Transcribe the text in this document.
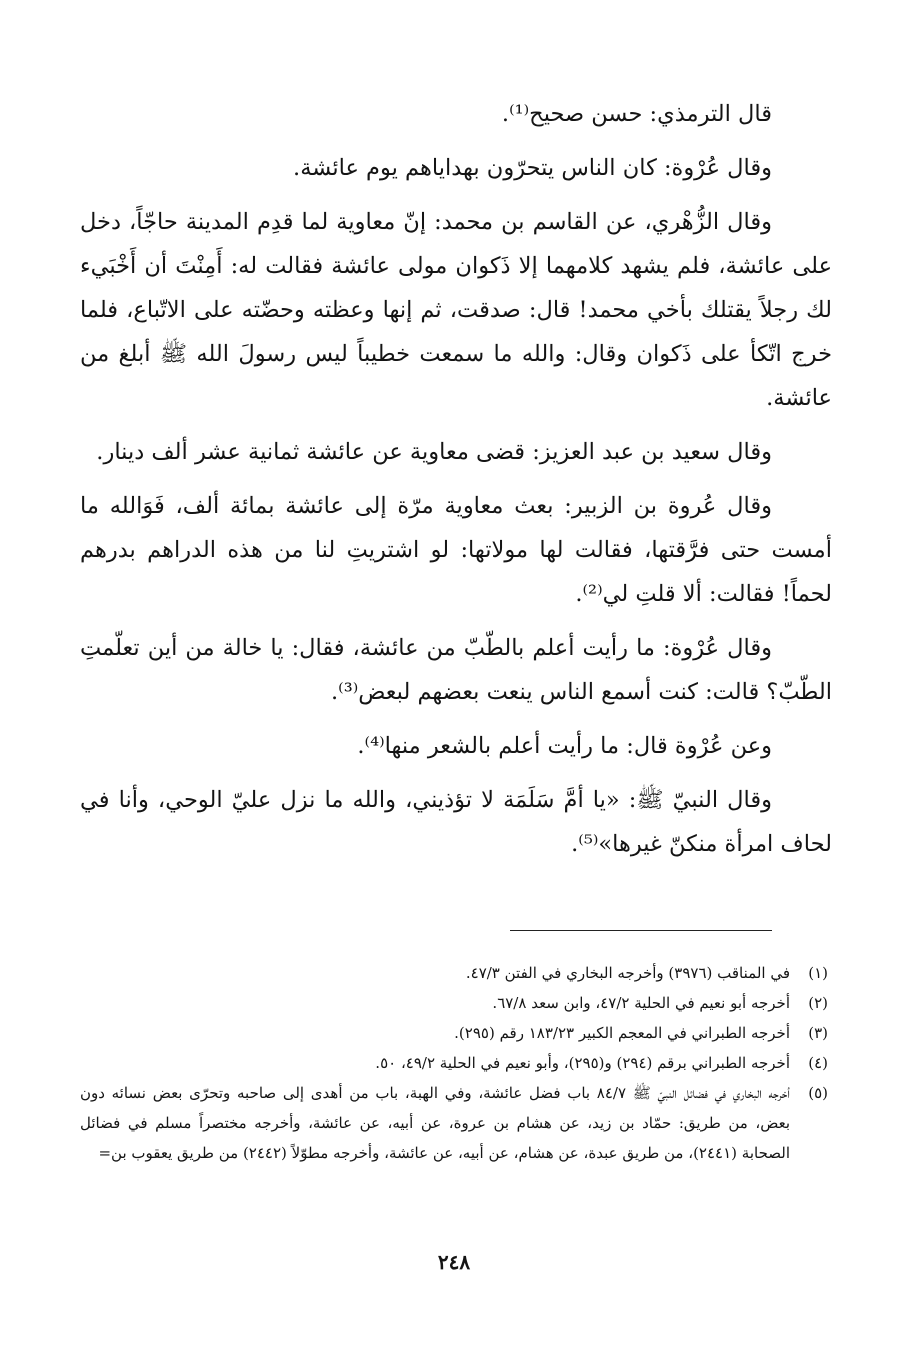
قال الترمذي: حسن صحيح⁽¹⁾.

وقال عُرْوة: كان الناس يتحرّون بهداياهم يوم عائشة.

وقال الزُّهْري، عن القاسم بن محمد: إنّ معاوية لما قدِم المدينة حاجّاً، دخل على عائشة، فلم يشهد كلامهما إلا ذَكوان مولى عائشة فقالت له: أَمِنْتَ أن أَخْبَيء لك رجلاً يقتلك بأخي محمد! قال: صدقت، ثم إنها وعظته وحضّته على الاتّباع، فلما خرج اتّكأ على ذَكوان وقال: والله ما سمعت خطيباً ليس رسولَ الله ﷺ أبلغ من عائشة.

وقال سعيد بن عبد العزيز: قضى معاوية عن عائشة ثمانية عشر ألف دينار.

وقال عُروة بن الزبير: بعث معاوية مرّة إلى عائشة بمائة ألف، فَوَالله ما أمست حتى فرَّقتها، فقالت لها مولاتها: لو اشتريتِ لنا من هذه الدراهم بدرهم لحماً! فقالت: ألا قلتِ لي⁽²⁾.

وقال عُرْوة: ما رأيت أعلم بالطّبّ من عائشة، فقال: يا خالة من أين تعلّمتِ الطّبّ؟ قالت: كنت أسمع الناس ينعت بعضهم لبعض⁽³⁾.

وعن عُرْوة قال: ما رأيت أعلم بالشعر منها⁽⁴⁾.

وقال النبيّ ﷺ: «يا أمَّ سَلَمَة لا تؤذيني، والله ما نزل عليّ الوحي، وأنا في لحاف امرأة منكنّ غيرها»⁽⁵⁾.

(١)
في المناقب (٣٩٧٦) وأخرجه البخاري في الفتن ٤٧/٣.
(٢)
أخرجه أبو نعيم في الحلية ٤٧/٢، وابن سعد ٦٧/٨.
(٣)
أخرجه الطبراني في المعجم الكبير ١٨٣/٢٣ رقم (٢٩٥).
(٤)
أخرجه الطبراني برقم (٢٩٤) و(٢٩٥)، وأبو نعيم في الحلية ٤٩/٢، ٥٠.
(٥)
أخرجه البخاري في فضائل النبيّ ﷺ ٨٤/٧ باب فضل عائشة، وفي الهبة، باب من أهدى إلى صاحبه وتحرّى بعض نسائه دون بعض، من طريق: حمّاد بن زيد، عن هشام بن عروة، عن أبيه، عن عائشة، وأخرجه مختصراً مسلم في فضائل الصحابة (٢٤٤١)، من طريق عبدة، عن هشام، عن أبيه، عن عائشة، وأخرجه مطوّلاً (٢٤٤٢) من طريق يعقوب بن=
٢٤٨
